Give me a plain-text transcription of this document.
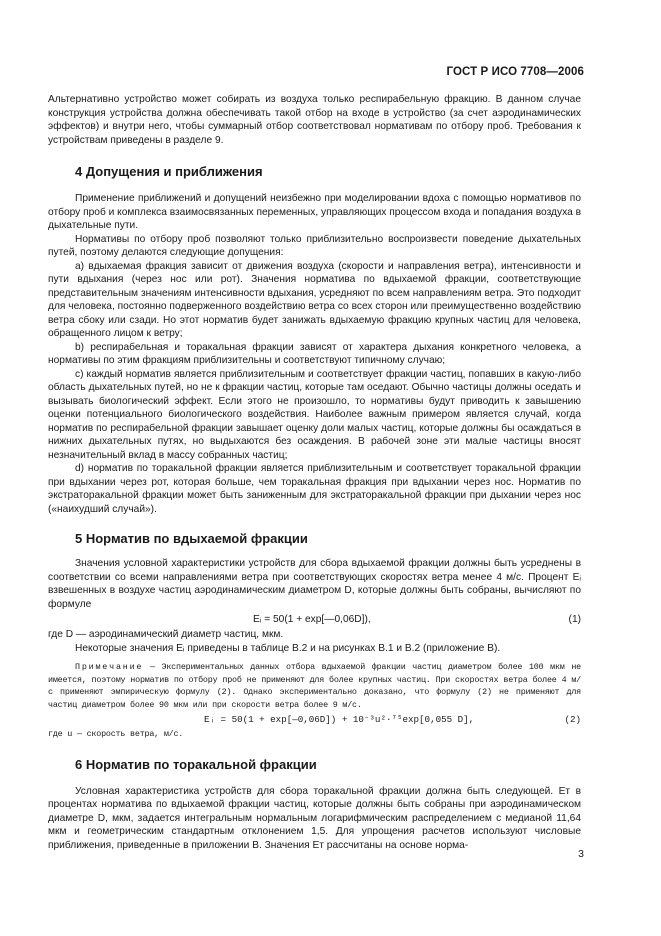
ГОСТ Р ИСО 7708—2006

Альтернативно устройство может собирать из воздуха только респирабельную фракцию. В данном случае конструкция устройства должна обеспечивать такой отбор на входе в устройство (за счет аэродинамических эффектов) и внутри него, чтобы суммарный отбор соответствовал нормативам по отбору проб. Требования к устройствам приведены в разделе 9.

4 Допущения и приближения

Применение приближений и допущений неизбежно при моделировании вдоха с помощью нормативов по отбору проб и комплекса взаимосвязанных переменных, управляющих процессом входа и попадания воздуха в дыхательные пути.

Нормативы по отбору проб позволяют только приблизительно воспроизвести поведение дыхательных путей, поэтому делаются следующие допущения:

а) вдыхаемая фракция зависит от движения воздуха (скорости и направления ветра), интенсивности и пути вдыхания (через нос или рот). Значения норматива по вдыхаемой фракции, соответствующие представительным значениям интенсивности вдыхания, усредняют по всем направлениям ветра. Это подходит для человека, постоянно подверженного воздействию ветра со всех сторон или преимущественно воздействию ветра сбоку или сзади. Но этот норматив будет занижать вдыхаемую фракцию крупных частиц для человека, обращенного лицом к ветру;

b) респирабельная и торакальная фракции зависят от характера дыхания конкретного человека, а нормативы по этим фракциям приблизительны и соответствуют типичному случаю;

с) каждый норматив является приблизительным и соответствует фракции частиц, попавших в какую-либо область дыхательных путей, но не к фракции частиц, которые там оседают. Обычно частицы должны оседать и вызывать биологический эффект. Если этого не произошло, то нормативы будут приводить к завышению оценки потенциального биологического воздействия. Наиболее важным примером является случай, когда норматив по респирабельной фракции завышает оценку доли малых частиц, которые должны бы осаждаться в нижних дыхательных путях, но выдыхаются без осаждения. В рабочей зоне эти малые частицы вносят незначительный вклад в массу собранных частиц;

d) норматив по торакальной фракции является приблизительным и соответствует торакальной фракции при вдыхании через рот, которая больше, чем торакальная фракция при вдыхании через нос. Норматив по экстраторакальной фракции может быть заниженным для экстраторакальной фракции при дыхании через нос («наихудший случай»).

5 Норматив по вдыхаемой фракции

Значения условной характеристики устройств для сбора вдыхаемой фракции должны быть усреднены в соответствии со всеми направлениями ветра при соответствующих скоростях ветра менее 4 м/с. Процент Eᵢ взвешенных в воздухе частиц аэродинамическим диаметром D, которые должны быть собраны, вычисляют по формуле

Eᵢ = 50(1 + exp[—0,06D]),	(1)

где D — аэродинамический диаметр частиц, мкм.

Некоторые значения Eᵢ приведены в таблице В.2 и на рисунках В.1 и В.2 (приложение В).

Примечание — Экспериментальных данных отбора вдыхаемой фракции частиц диаметром более 100 мкм не имеется, поэтому норматив по отбору проб не применяют для более крупных частиц. При скоростях ветра более 4 м/с применяют эмпирическую формулу (2). Однако экспериментально доказано, что формулу (2) не применяют для частиц диаметром более 90 мкм или при скорости ветра более 9 м/с.

Eᵢ = 50(1 + exp[—0,06D]) + 10⁻³u²·⁷⁵exp[0,055 D],	(2)

где u — скорость ветра, м/с.

6 Норматив по торакальной фракции

Условная характеристика устройств для сбора торакальной фракции должна быть следующей. Eᴛ в процентах норматива по вдыхаемой фракции частиц, которые должны быть собраны при аэродинамическом диаметре D, мкм, задается интегральным нормальным логарифмическим распределением с медианой 11,64 мкм и геометрическим стандартным отклонением 1,5. Для упрощения расчетов используют числовые приближения, приведенные в приложении В. Значения Eᴛ рассчитаны на основе норма-

3
